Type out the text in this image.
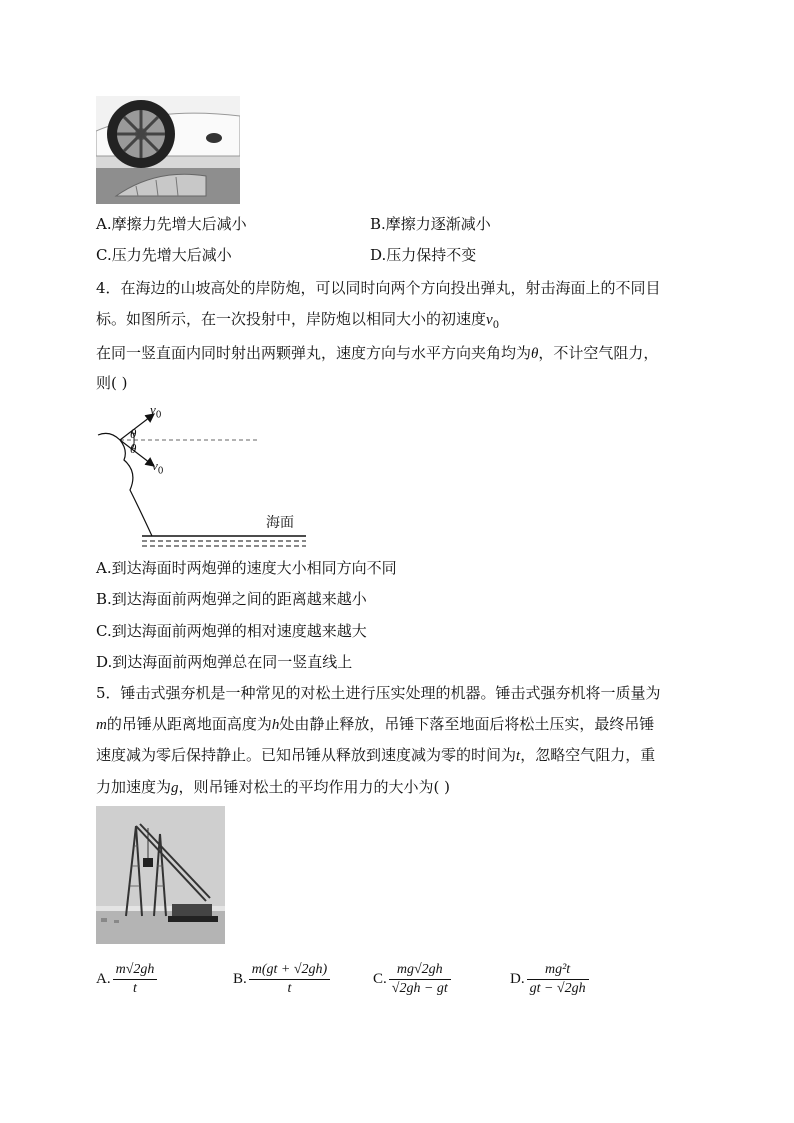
A.摩擦力先增大后减小	B.摩擦力逐渐减小
C.压力先增大后减小	D.压力保持不变
4．在海边的山坡高处的岸防炮，可以同时向两个方向投出弹丸，射击海面上的不同目
标。如图所示，在一次投射中，岸防炮以相同大小的初速度$v_0$
在同一竖直面内同时射出两颗弹丸，速度方向与水平方向夹角均为θ，不计空气阻力，
则( )
$v_0$
θ
θ
$v_0$
海面
A.到达海面时两炮弹的速度大小相同方向不同
B.到达海面前两炮弹之间的距离越来越小
C.到达海面前两炮弹的相对速度越来越大
D.到达海面前两炮弹总在同一竖直线上
5．锤击式强夯机是一种常见的对松土进行压实处理的机器。锤击式强夯机将一质量为
m的吊锤从距离地面高度为h处由静止释放，吊锤下落至地面后将松土压实，最终吊锤
速度减为零后保持静止。已知吊锤从释放到速度减为零的时间为t，忽略空气阻力，重
力加速度为g，则吊锤对松土的平均作用力的大小为( )
A. $\frac{m√2gh}{t}$	B. $\frac{m(gt + √2gh)}{t}$	C. $\frac{mg√2gh}{√2gh - gt}$	D. $\frac{\text{mg²t}}{gt - √2gh}$
